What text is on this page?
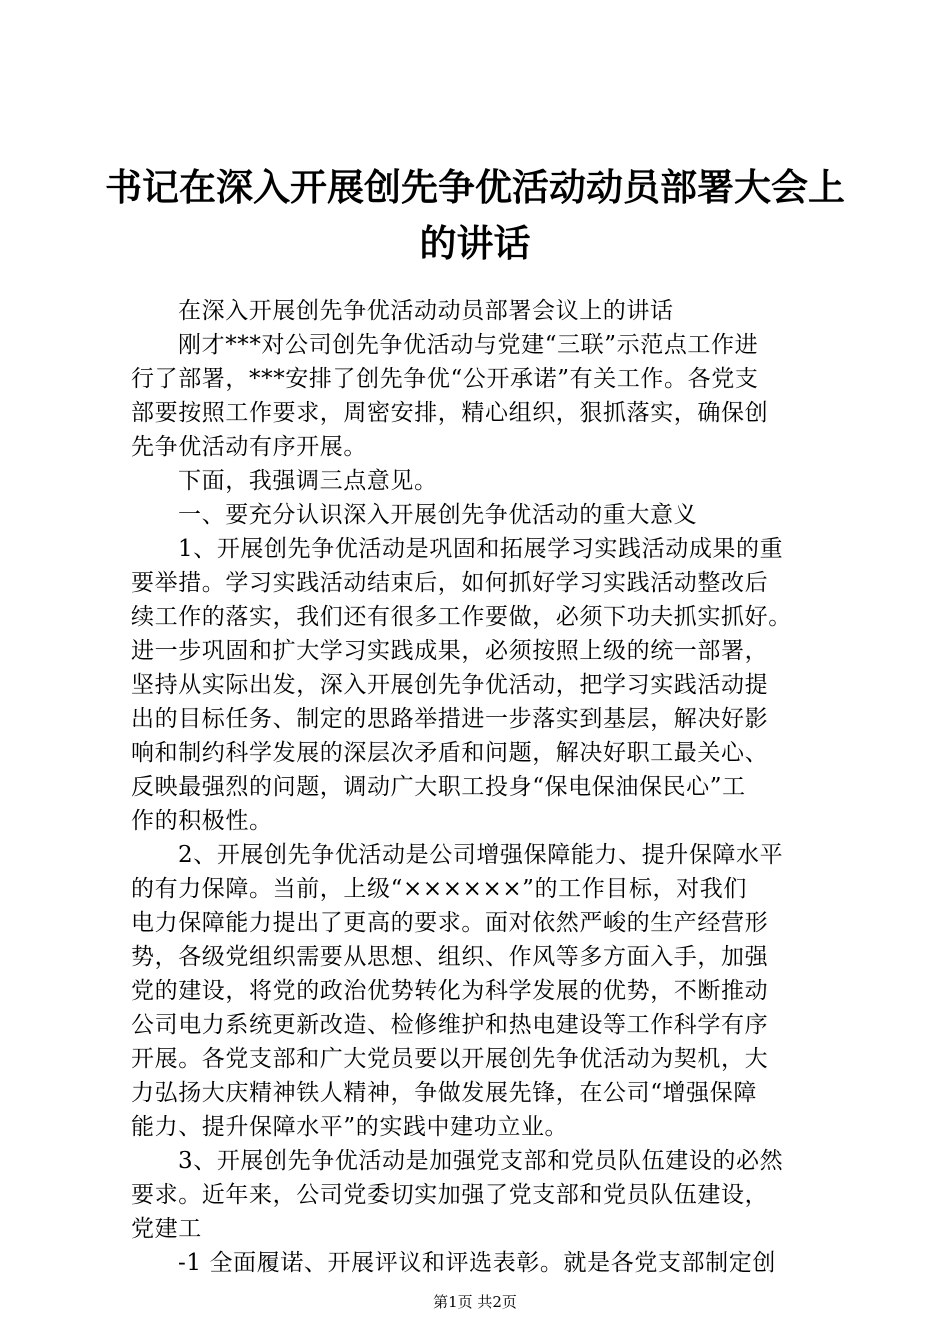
书记在深入开展创先争优活动动员部署大会上
的讲话
在深入开展创先争优活动动员部署会议上的讲话
刚才***对公司创先争优活动与党建“三联”示范点工作进
行了部署，***安排了创先争优“公开承诺”有关工作。各党支
部要按照工作要求，周密安排，精心组织，狠抓落实，确保创
先争优活动有序开展。
下面，我强调三点意见。
一、要充分认识深入开展创先争优活动的重大意义
1、开展创先争优活动是巩固和拓展学习实践活动成果的重
要举措。学习实践活动结束后，如何抓好学习实践活动整改后
续工作的落实，我们还有很多工作要做，必须下功夫抓实抓好。
进一步巩固和扩大学习实践成果，必须按照上级的统一部署，
坚持从实际出发，深入开展创先争优活动，把学习实践活动提
出的目标任务、制定的思路举措进一步落实到基层，解决好影
响和制约科学发展的深层次矛盾和问题，解决好职工最关心、
反映最强烈的问题，调动广大职工投身“保电保油保民心”工
作的积极性。
2、开展创先争优活动是公司增强保障能力、提升保障水平
的有力保障。当前，上级“××××××”的工作目标，对我们
电力保障能力提出了更高的要求。面对依然严峻的生产经营形
势，各级党组织需要从思想、组织、作风等多方面入手，加强
党的建设，将党的政治优势转化为科学发展的优势，不断推动
公司电力系统更新改造、检修维护和热电建设等工作科学有序
开展。各党支部和广大党员要以开展创先争优活动为契机，大
力弘扬大庆精神铁人精神，争做发展先锋，在公司“增强保障
能力、提升保障水平”的实践中建功立业。
3、开展创先争优活动是加强党支部和党员队伍建设的必然
要求。近年来，公司党委切实加强了党支部和党员队伍建设，
党建工
-1 全面履诺、开展评议和评选表彰。就是各党支部制定创
第1页 共2页
